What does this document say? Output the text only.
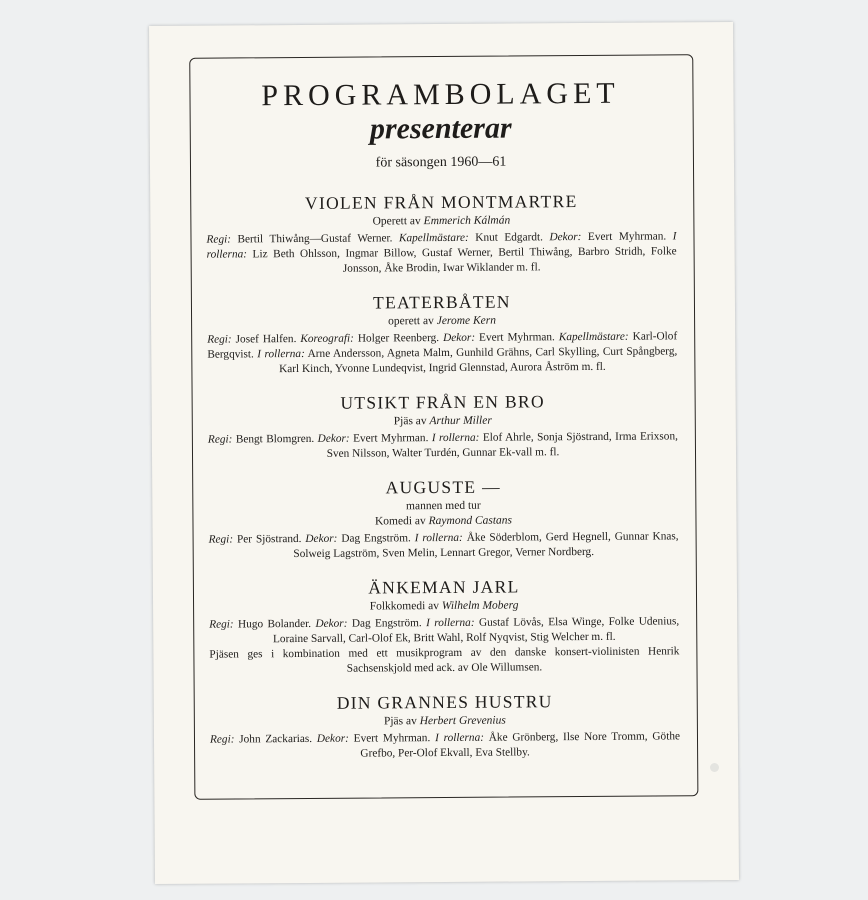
PROGRAMBOLAGET
presenterar
för säsongen 1960—61
VIOLEN FRÅN MONTMARTRE
Operett av Emmerich Kálmán
Regi: Bertil Thiwång—Gustaf Werner. Kapellmästare: Knut Edgardt. Dekor: Evert Myhrman. I rollerna: Liz Beth Ohlsson, Ingmar Billow, Gustaf Werner, Bertil Thiwång, Barbro Stridh, Folke Jonsson, Åke Brodin, Iwar Wiklander m. fl.
TEATERBÅTEN
operett av Jerome Kern
Regi: Josef Halfen. Koreografi: Holger Reenberg. Dekor: Evert Myhrman. Kapellmästare: Karl-Olof Bergqvist. I rollerna: Arne Andersson, Agneta Malm, Gunhild Grähns, Carl Skylling, Curt Spångberg, Karl Kinch, Yvonne Lundeqvist, Ingrid Glennstad, Aurora Åström m. fl.
UTSIKT FRÅN EN BRO
Pjäs av Arthur Miller
Regi: Bengt Blomgren. Dekor: Evert Myhrman. I rollerna: Elof Ahrle, Sonja Sjöstrand, Irma Erixson, Sven Nilsson, Walter Turdén, Gunnar Ek-vall m. fl.
AUGUSTE —
mannen med tur
Komedi av Raymond Castans
Regi: Per Sjöstrand. Dekor: Dag Engström. I rollerna: Åke Söderblom, Gerd Hegnell, Gunnar Knas, Solweig Lagström, Sven Melin, Lennart Gregor, Verner Nordberg.
ÄNKEMAN JARL
Folkkomedi av Wilhelm Moberg
Regi: Hugo Bolander. Dekor: Dag Engström. I rollerna: Gustaf Lövås, Elsa Winge, Folke Udenius, Loraine Sarvall, Carl-Olof Ek, Britt Wahl, Rolf Nyqvist, Stig Welcher m. fl.
Pjäsen ges i kombination med ett musikprogram av den danske konsert-violinisten Henrik Sachsenskjold med ack. av Ole Willumsen.
DIN GRANNES HUSTRU
Pjäs av Herbert Grevenius
Regi: John Zackarias. Dekor: Evert Myhrman. I rollerna: Åke Grönberg, Ilse Nore Tromm, Göthe Grefbo, Per-Olof Ekvall, Eva Stellby.
